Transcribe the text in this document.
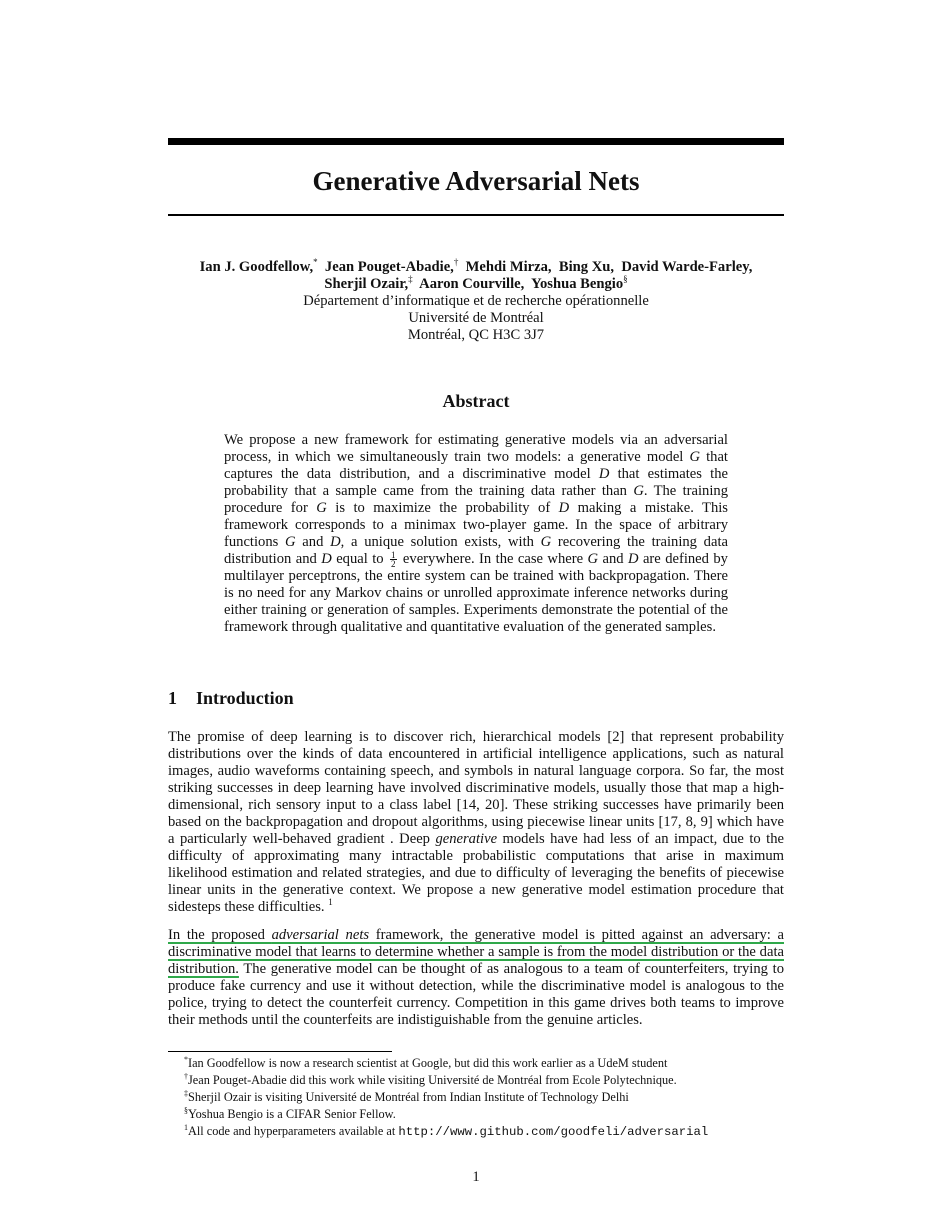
Generative Adversarial Nets
Ian J. Goodfellow,* Jean Pouget-Abadie,† Mehdi Mirza, Bing Xu, David Warde-Farley,
Sherjil Ozair,‡ Aaron Courville, Yoshua Bengio§
Département d’informatique et de recherche opérationnelle
Université de Montréal
Montréal, QC H3C 3J7
Abstract
We propose a new framework for estimating generative models via an adversarial process, in which we simultaneously train two models: a generative model G that captures the data distribution, and a discriminative model D that estimates the probability that a sample came from the training data rather than G. The training procedure for G is to maximize the probability of D making a mistake. This framework corresponds to a minimax two-player game. In the space of arbitrary functions G and D, a unique solution exists, with G recovering the training data distribution and D equal to $\frac{1}{2}$ everywhere. In the case where G and D are defined by multilayer perceptrons, the entire system can be trained with backpropagation. There is no need for any Markov chains or unrolled approximate inference networks during either training or generation of samples. Experiments demonstrate the potential of the framework through qualitative and quantitative evaluation of the generated samples.
1 Introduction
The promise of deep learning is to discover rich, hierarchical models [2] that represent probability distributions over the kinds of data encountered in artificial intelligence applications, such as natural images, audio waveforms containing speech, and symbols in natural language corpora. So far, the most striking successes in deep learning have involved discriminative models, usually those that map a high-dimensional, rich sensory input to a class label [14, 20]. These striking successes have primarily been based on the backpropagation and dropout algorithms, using piecewise linear units [17, 8, 9] which have a particularly well-behaved gradient . Deep generative models have had less of an impact, due to the difficulty of approximating many intractable probabilistic computations that arise in maximum likelihood estimation and related strategies, and due to difficulty of leveraging the benefits of piecewise linear units in the generative context. We propose a new generative model estimation procedure that sidesteps these difficulties. $^1$
In the proposed adversarial nets framework, the generative model is pitted against an adversary: a discriminative model that learns to determine whether a sample is from the model distribution or the data distribution. The generative model can be thought of as analogous to a team of counterfeiters, trying to produce fake currency and use it without detection, while the discriminative model is analogous to the police, trying to detect the counterfeit currency. Competition in this game drives both teams to improve their methods until the counterfeits are indistiguishable from the genuine articles.
*Ian Goodfellow is now a research scientist at Google, but did this work earlier as a UdeM student
†Jean Pouget-Abadie did this work while visiting Université de Montréal from Ecole Polytechnique.
‡Sherjil Ozair is visiting Université de Montréal from Indian Institute of Technology Delhi
§Yoshua Bengio is a CIFAR Senior Fellow.
$^1$All code and hyperparameters available at http://www.github.com/goodfeli/adversarial
1
